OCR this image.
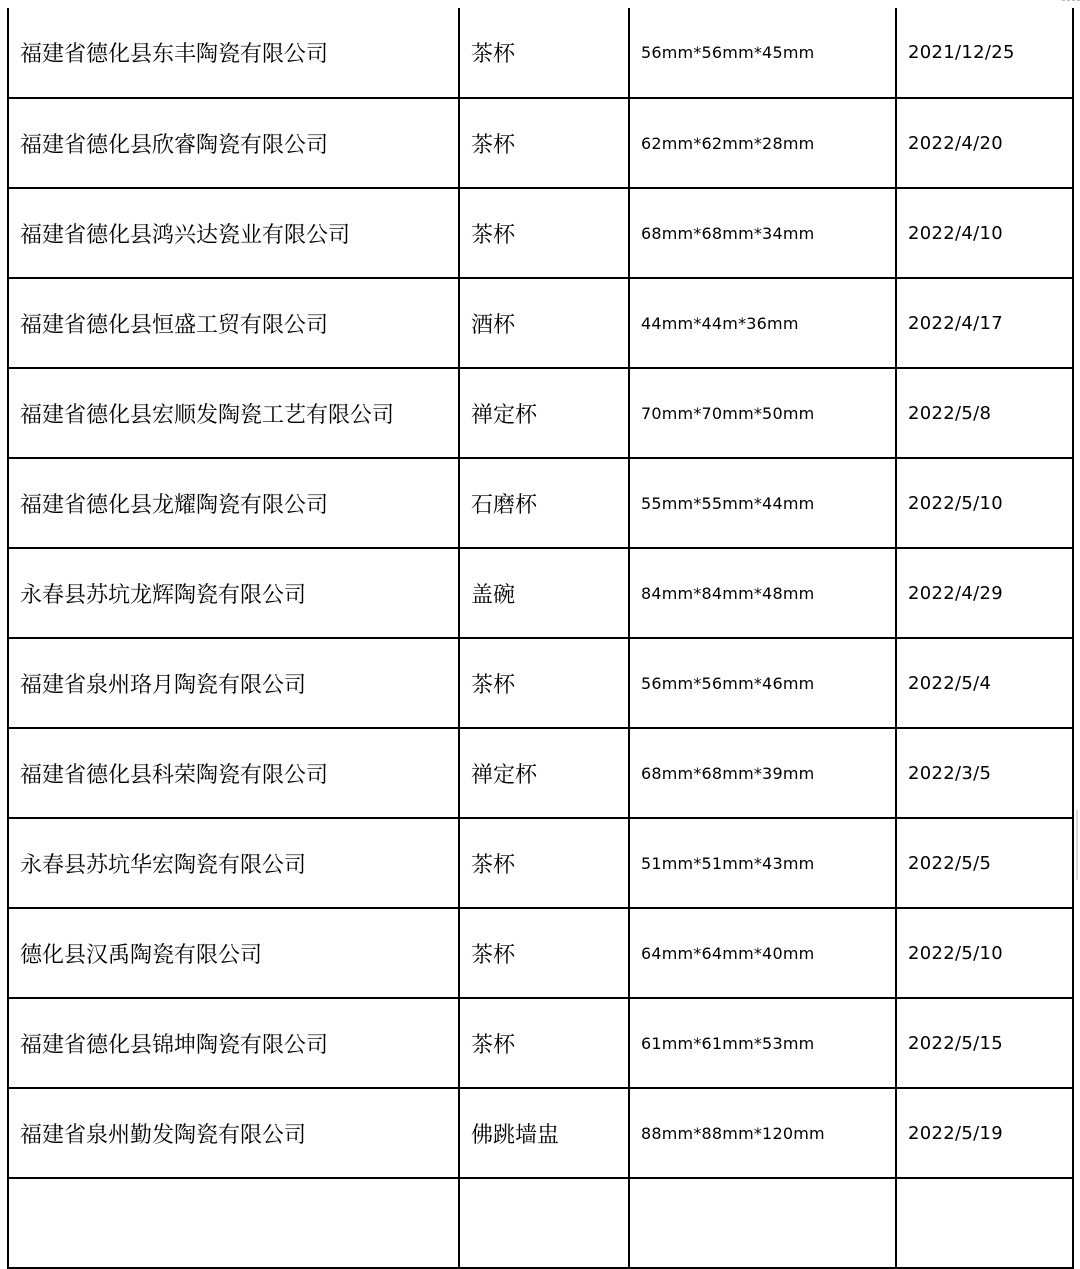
福建省德化县东丰陶瓷有限公司	茶杯	56mm*56mm*45mm	2021/12/25
福建省德化县欣睿陶瓷有限公司	茶杯	62mm*62mm*28mm	2022/4/20
福建省德化县鸿兴达瓷业有限公司	茶杯	68mm*68mm*34mm	2022/4/10
福建省德化县恒盛工贸有限公司	酒杯	44mm*44m*36mm	2022/4/17
福建省德化县宏顺发陶瓷工艺有限公司	禅定杯	70mm*70mm*50mm	2022/5/8
福建省德化县龙耀陶瓷有限公司	石磨杯	55mm*55mm*44mm	2022/5/10
永春县苏坑龙辉陶瓷有限公司	盖碗	84mm*84mm*48mm	2022/4/29
福建省泉州珞月陶瓷有限公司	茶杯	56mm*56mm*46mm	2022/5/4
福建省德化县科荣陶瓷有限公司	禅定杯	68mm*68mm*39mm	2022/3/5
永春县苏坑华宏陶瓷有限公司	茶杯	51mm*51mm*43mm	2022/5/5
德化县汉禹陶瓷有限公司	茶杯	64mm*64mm*40mm	2022/5/10
福建省德化县锦坤陶瓷有限公司	茶杯	61mm*61mm*53mm	2022/5/15
福建省泉州勤发陶瓷有限公司	佛跳墙盅	88mm*88mm*120mm	2022/5/19
